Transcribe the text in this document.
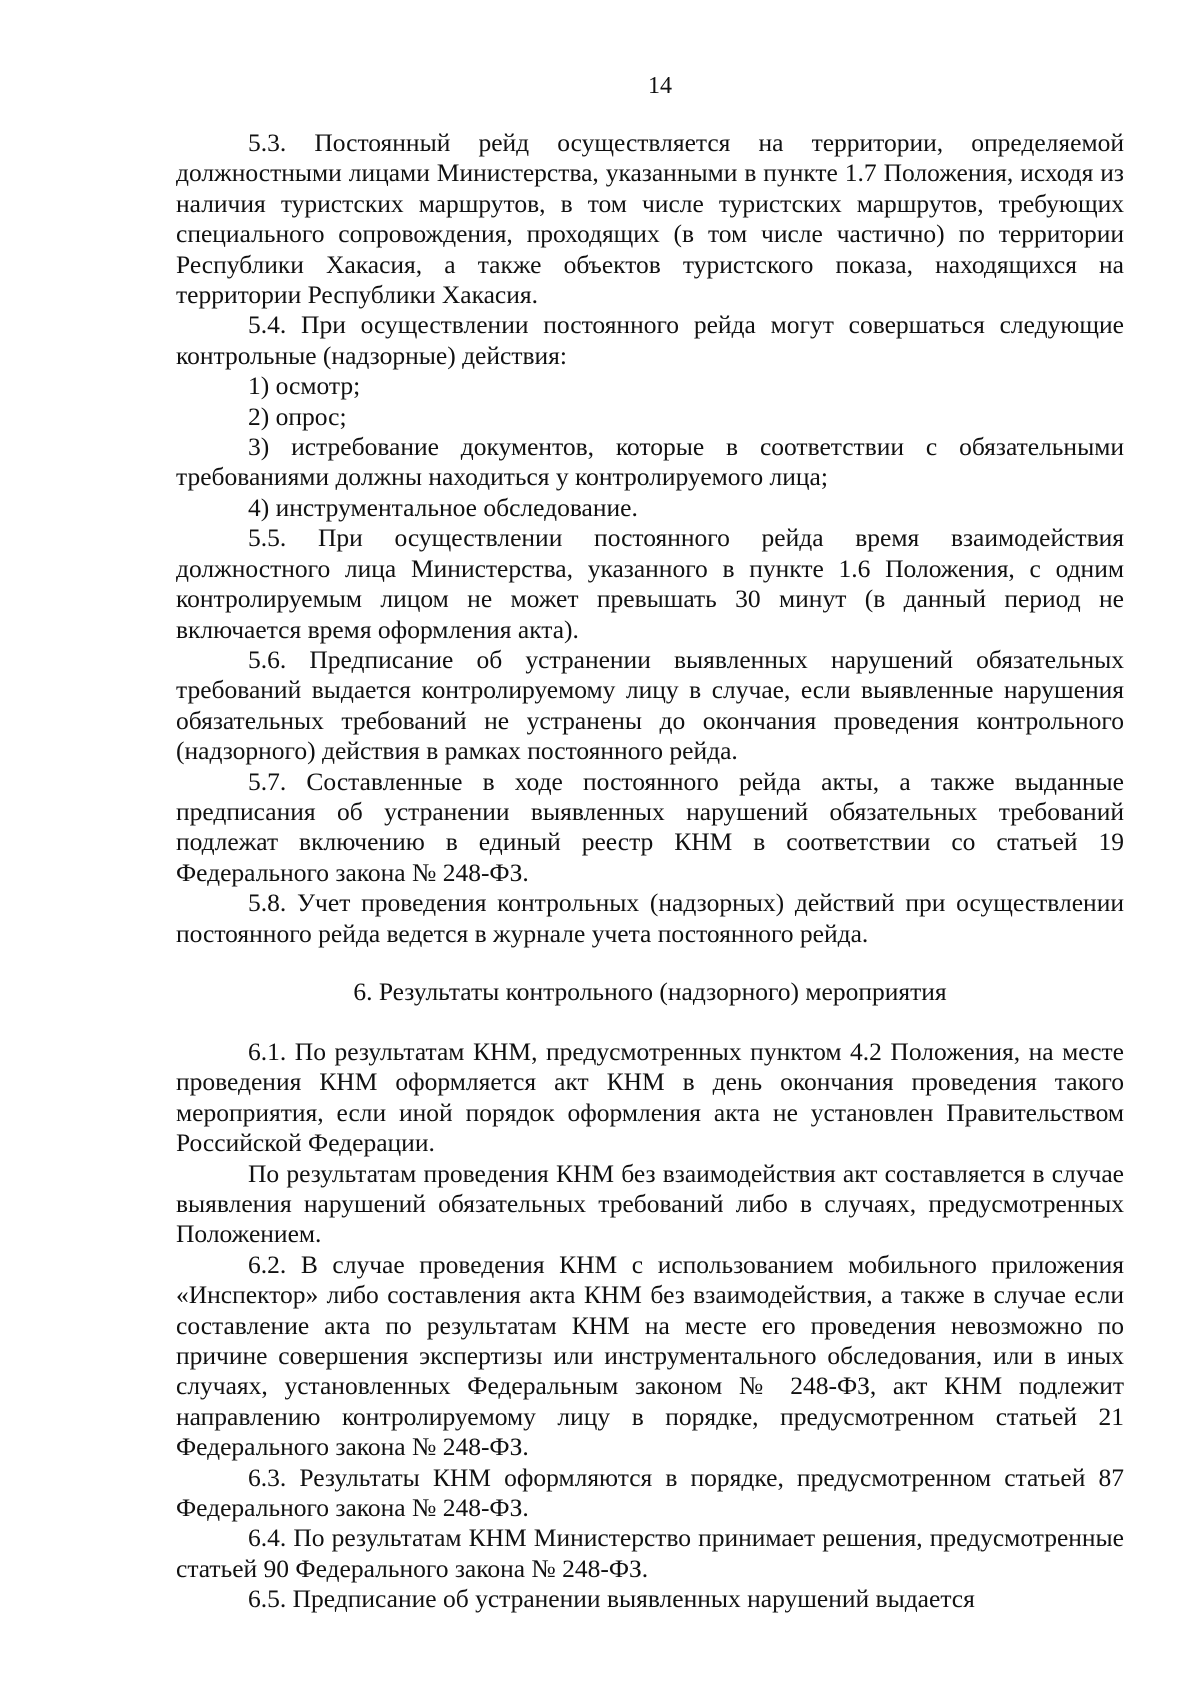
14

5.3. Постоянный рейд осуществляется на территории, определяемой должностными лицами Министерства, указанными в пункте 1.7 Положения, исходя из наличия туристских маршрутов, в том числе туристских маршрутов, требующих специального сопровождения, проходящих (в том числе частично) по территории Республики Хакасия, а также объектов туристского показа, находящихся на территории Республики Хакасия.

5.4. При осуществлении постоянного рейда могут совершаться следующие контрольные (надзорные) действия:

1) осмотр;

2) опрос;

3) истребование документов, которые в соответствии с обязательными требованиями должны находиться у контролируемого лица;

4) инструментальное обследование.

5.5. При осуществлении постоянного рейда время взаимодействия должностного лица Министерства, указанного в пункте 1.6 Положения, с одним контролируемым лицом не может превышать 30 минут (в данный период не включается время оформления акта).

5.6. Предписание об устранении выявленных нарушений обязательных требований выдается контролируемому лицу в случае, если выявленные нарушения обязательных требований не устранены до окончания проведения контрольного (надзорного) действия в рамках постоянного рейда.

5.7. Составленные в ходе постоянного рейда акты, а также выданные предписания об устранении выявленных нарушений обязательных требований подлежат включению в единый реестр КНМ в соответствии со статьей 19 Федерального закона № 248-ФЗ.

5.8. Учет проведения контрольных (надзорных) действий при осуществлении постоянного рейда ведется в журнале учета постоянного рейда.

6. Результаты контрольного (надзорного) мероприятия

6.1. По результатам КНМ, предусмотренных пунктом 4.2 Положения, на месте проведения КНМ оформляется акт КНМ в день окончания проведения такого мероприятия, если иной порядок оформления акта не установлен Правительством Российской Федерации.

По результатам проведения КНМ без взаимодействия акт составляется в случае выявления нарушений обязательных требований либо в случаях, предусмотренных Положением.

6.2. В случае проведения КНМ с использованием мобильного приложения «Инспектор» либо составления акта КНМ без взаимодействия, а также в случае если составление акта по результатам КНМ на месте его проведения невозможно по причине совершения экспертизы или инструментального обследования, или в иных случаях, установленных Федеральным законом № 248-ФЗ, акт КНМ подлежит направлению контролируемому лицу в порядке, предусмотренном статьей 21 Федерального закона № 248-ФЗ.

6.3. Результаты КНМ оформляются в порядке, предусмотренном статьей 87 Федерального закона № 248-ФЗ.

6.4. По результатам КНМ Министерство принимает решения, предусмотренные статьей 90 Федерального закона № 248-ФЗ.

6.5. Предписание об устранении выявленных нарушений выдается
